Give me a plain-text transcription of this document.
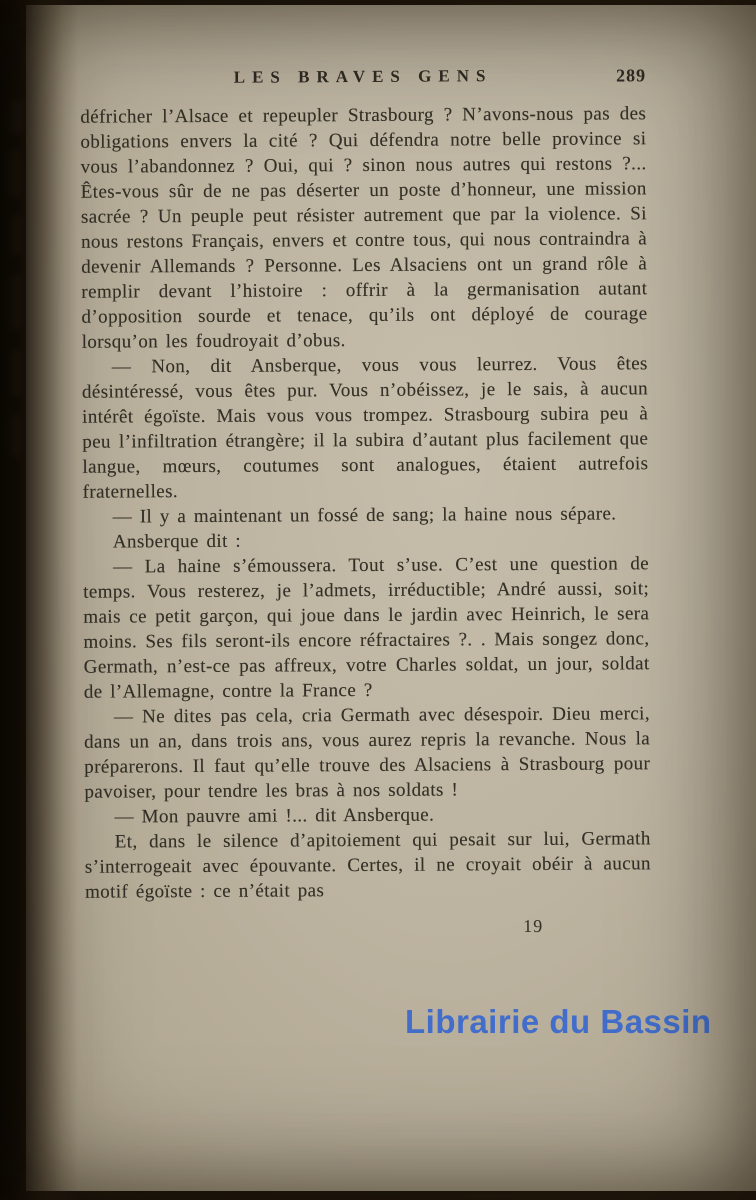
LES BRAVES GENS	289

défricher l’Alsace et repeupler Strasbourg ? N’avons-nous pas des obligations envers la cité ? Qui défendra notre belle province si vous l’abandonnez ? Oui, qui ? sinon nous autres qui restons ?... Êtes-vous sûr de ne pas déserter un poste d’honneur, une mission sacrée ? Un peuple peut résister autrement que par la violence. Si nous restons Français, envers et contre tous, qui nous contraindra à devenir Allemands ? Personne. Les Alsaciens ont un grand rôle à remplir devant l’histoire : offrir à la germanisation autant d’opposition sourde et tenace, qu’ils ont déployé de courage lorsqu’on les foudroyait d’obus.

— Non, dit Ansberque, vous vous leurrez. Vous êtes désintéressé, vous êtes pur. Vous n’obéissez, je le sais, à aucun intérêt égoïste. Mais vous vous trompez. Strasbourg subira peu à peu l’infiltration étrangère; il la subira d’autant plus facilement que langue, mœurs, coutumes sont analogues, étaient autrefois fraternelles.

— Il y a maintenant un fossé de sang; la haine nous sépare.

Ansberque dit :

— La haine s’émoussera. Tout s’use. C’est une question de temps. Vous resterez, je l’admets, irréductible; André aussi, soit; mais ce petit garçon, qui joue dans le jardin avec Heinrich, le sera moins. Ses fils seront-ils encore réfractaires ?. . Mais songez donc, Germath, n’est-ce pas affreux, votre Charles soldat, un jour, soldat de l’Allemagne, contre la France ?

— Ne dites pas cela, cria Germath avec désespoir. Dieu merci, dans un an, dans trois ans, vous aurez repris la revanche. Nous la préparerons. Il faut qu’elle trouve des Alsaciens à Strasbourg pour pavoiser, pour tendre les bras à nos soldats !

— Mon pauvre ami !... dit Ansberque.

Et, dans le silence d’apitoiement qui pesait sur lui, Germath s’interrogeait avec épouvante. Certes, il ne croyait obéir à aucun motif égoïste : ce n’était pas

19
Librairie du Bassin
